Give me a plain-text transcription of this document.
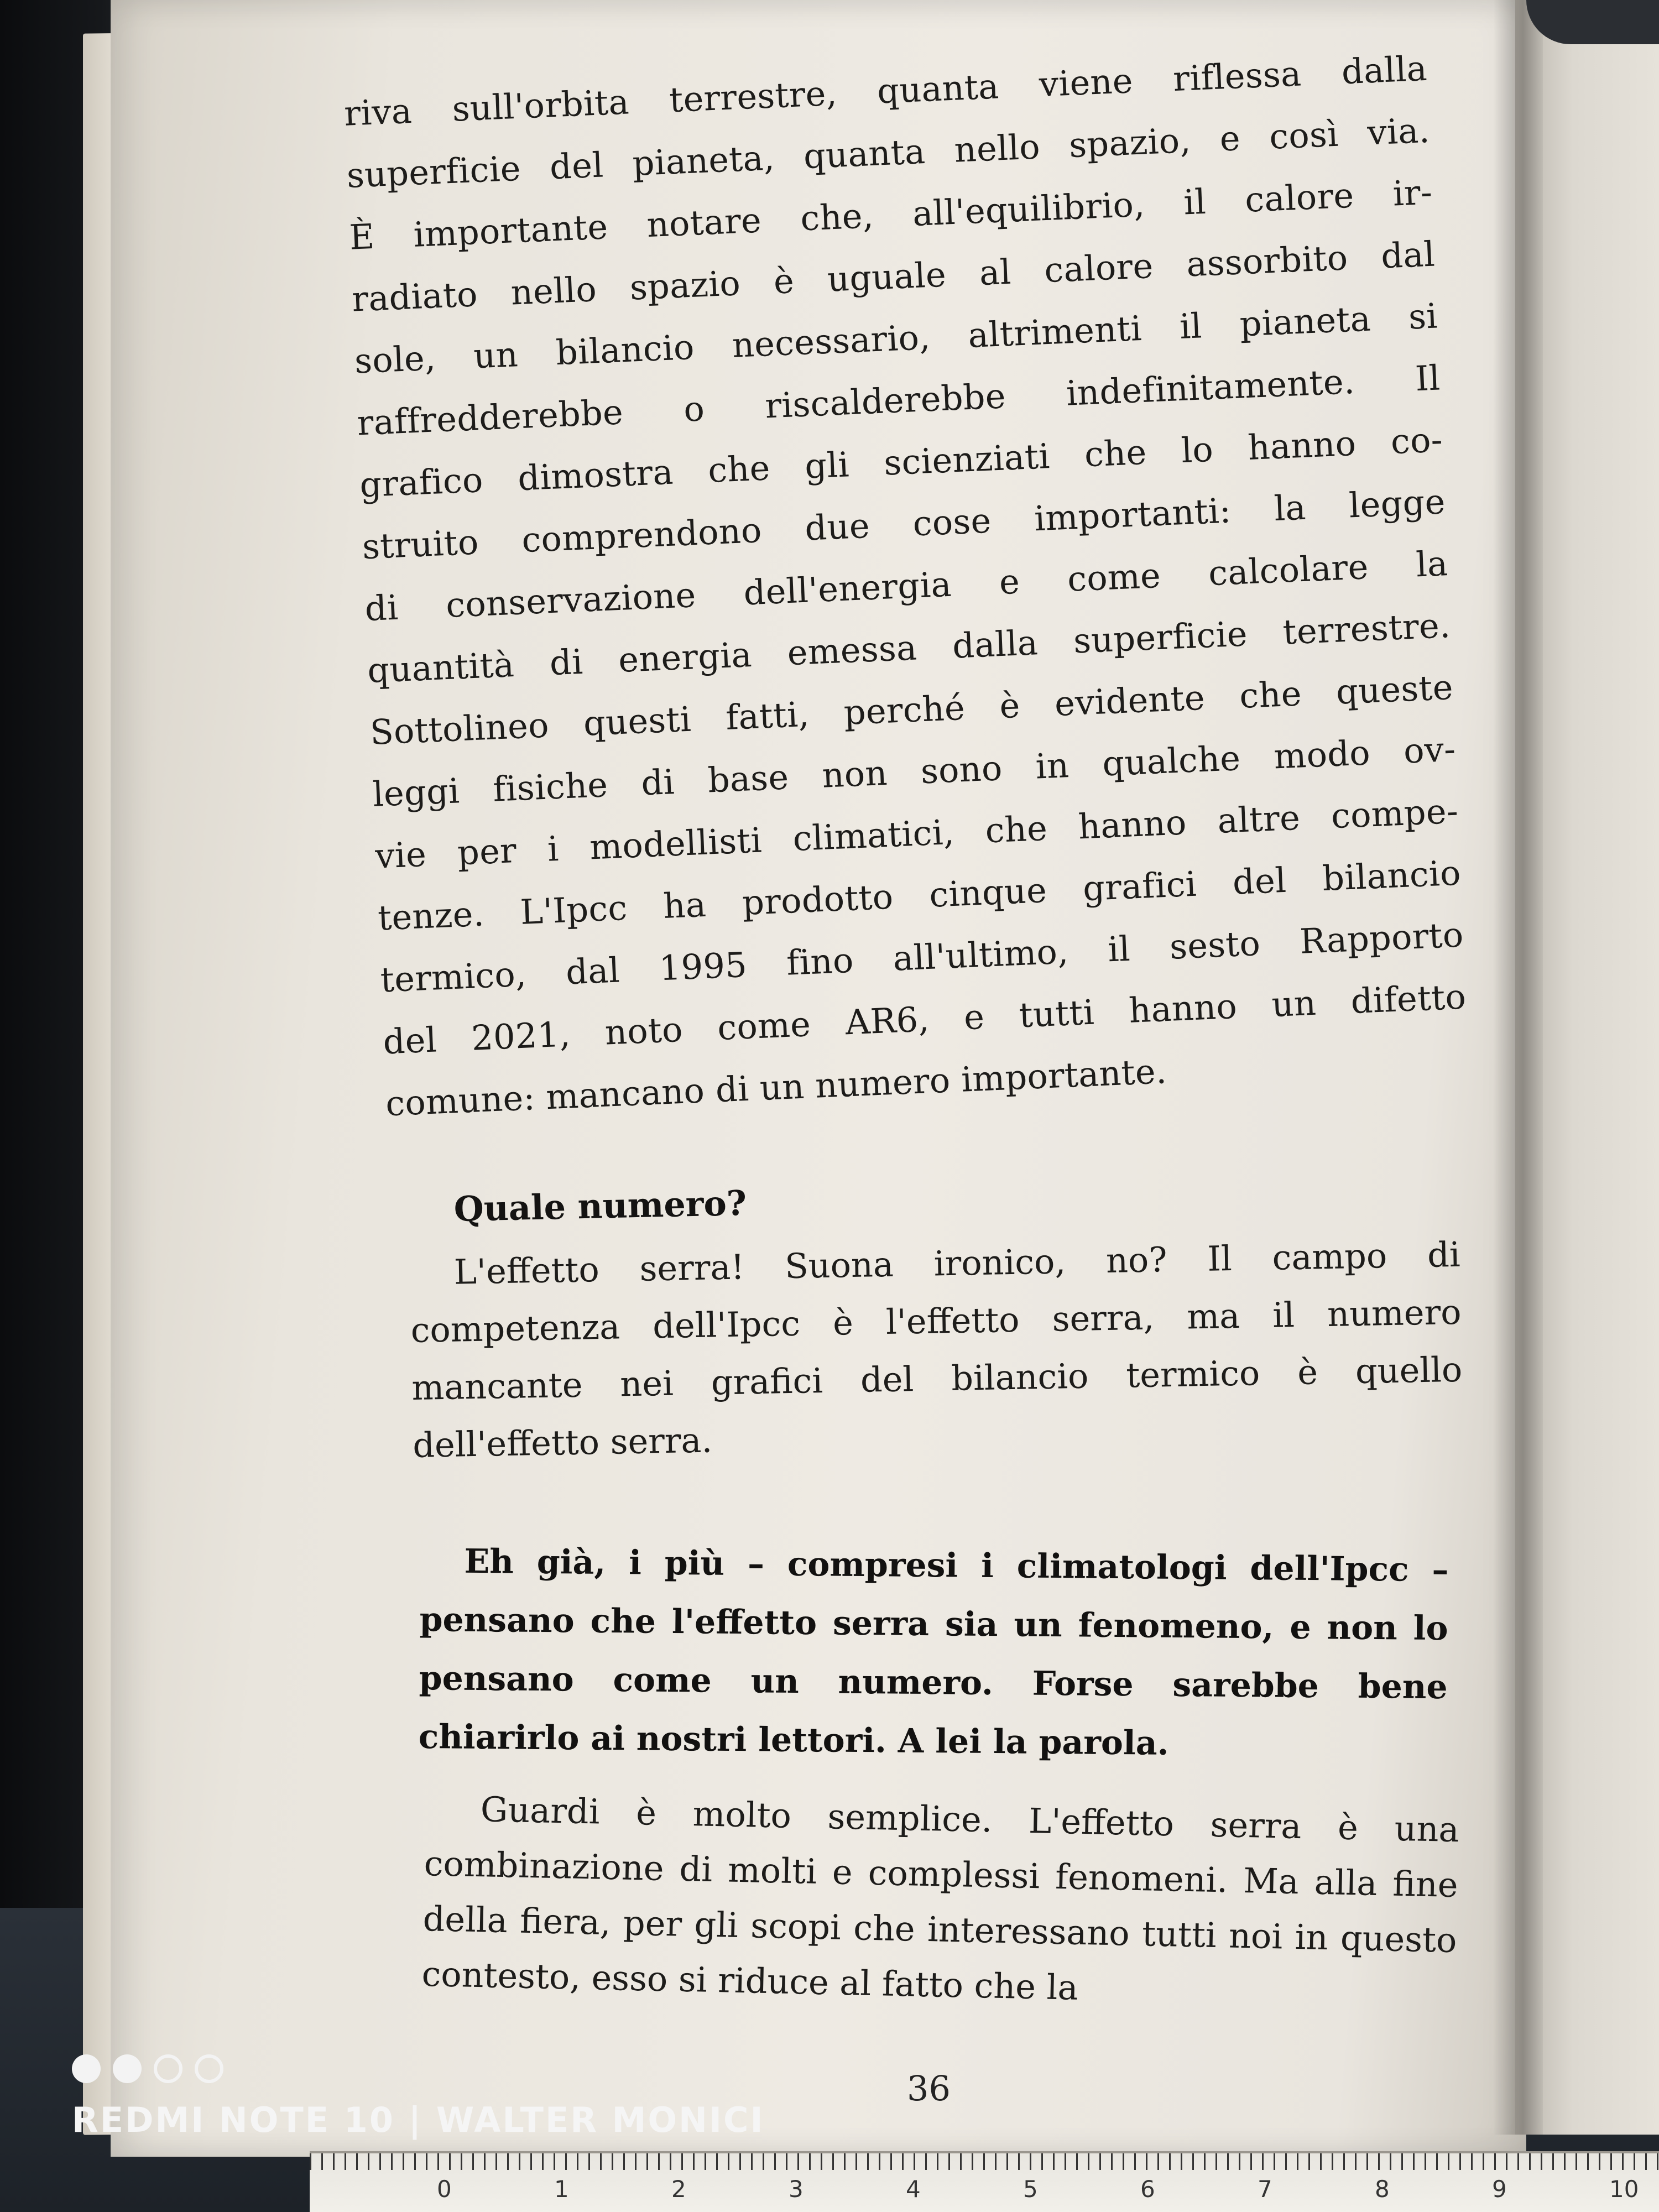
riva sull'orbita terrestre, quanta viene riflessa dalla

superficie del pianeta, quanta nello spazio, e così via.

È importante notare che, all'equilibrio, il calore ir-

radiato nello spazio è uguale al calore assorbito dal

sole, un bilancio necessario, altrimenti il pianeta si

raffredderebbe o riscalderebbe indefinitamente. Il

grafico dimostra che gli scienziati che lo hanno co-

struito comprendono due cose importanti: la legge

di conservazione dell'energia e come calcolare la

quantità di energia emessa dalla superficie terrestre.

Sottolineo questi fatti, perché è evidente che queste

leggi fisiche di base non sono in qualche modo ov-

vie per i modellisti climatici, che hanno altre compe-

tenze. L'Ipcc ha prodotto cinque grafici del bilancio

termico, dal 1995 fino all'ultimo, il sesto Rapporto

del 2021, noto come AR6, e tutti hanno un difetto

comune: mancano di un numero importante.

Quale numero?

L'effetto serra! Suona ironico, no? Il campo di competenza dell'Ipcc è l'effetto serra, ma il numero mancante nei grafici del bilancio termico è quello dell'effetto serra.

Eh già, i più – compresi i climatologi dell'Ipcc – pensano che l'effetto serra sia un fenomeno, e non lo pensano come un numero. Forse sarebbe bene chiarirlo ai nostri lettori. A lei la parola.

Guardi è molto semplice. L'effetto serra è una combinazione di molti e complessi fenomeni. Ma alla fine della fiera, per gli scopi che interessano tutti noi in questo contesto, esso si riduce al fatto che la

36
REDMI NOTE 10 | WALTER MONICI
0	1	2	3	4	5	6	7	8	9	10
